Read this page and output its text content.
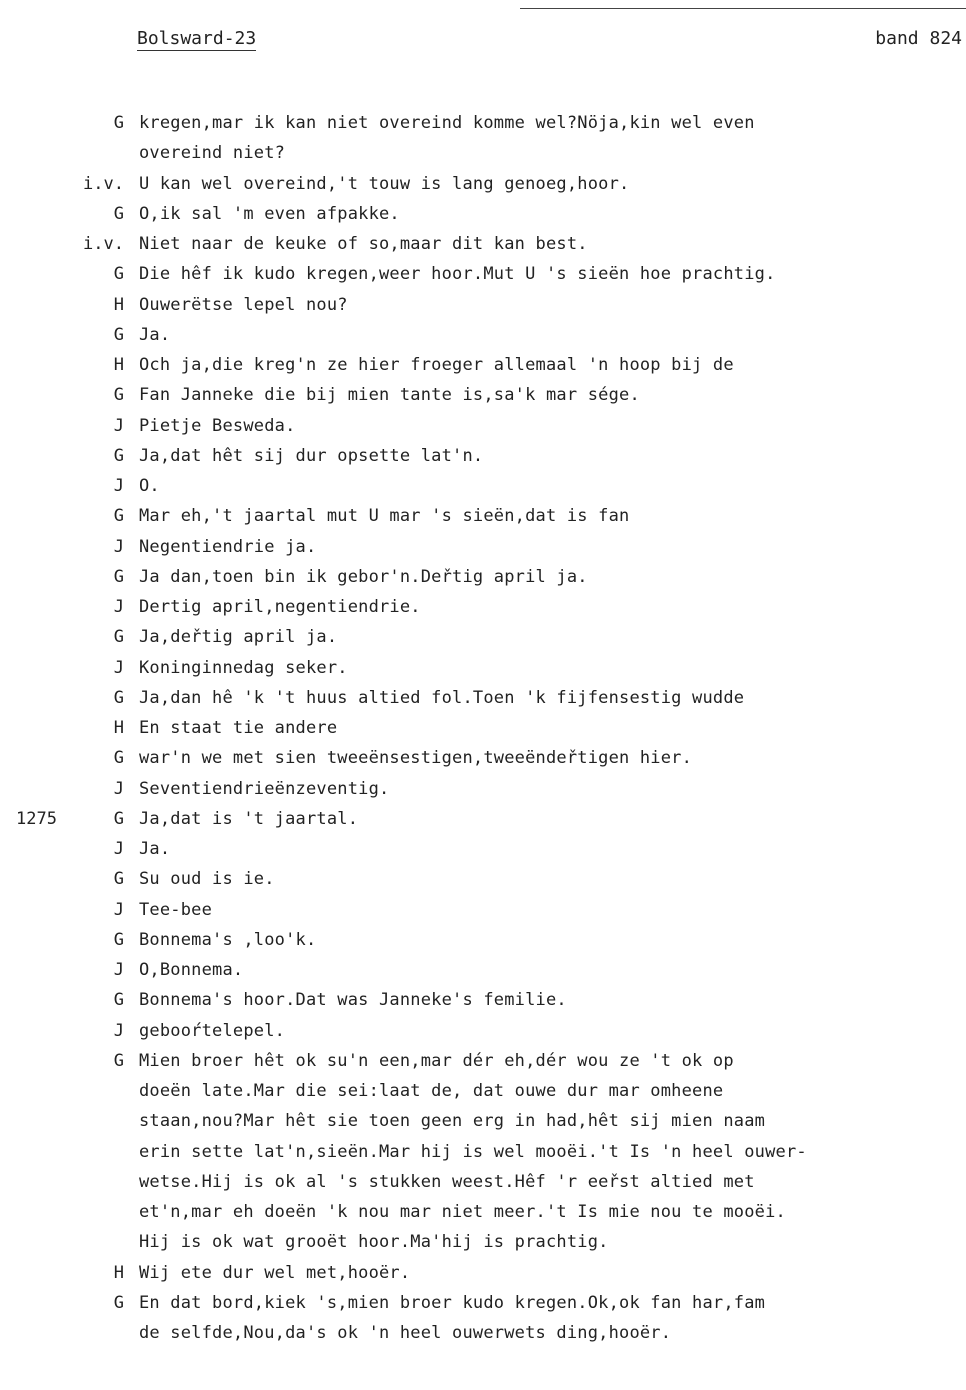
Bolsward-23	band 824
G kregen,mar ik kan niet overeind komme wel?Nöja,kin wel even
overeind niet?
i.v. U kan wel overeind,'t touw is lang genoeg,hoor.
G O,ik sal 'm even afpakke.
i.v. Niet naar de keuke of so,maar dit kan best.
G Die hêf ik kudo kregen,weer hoor.Mut U 's sieën hoe prachtig.
H Ouwerëtse lepel nou?
G Ja.
H Och ja,die kreg'n ze hier froeger allemaal 'n hoop bij de
G Fan Janneke die bij mien tante is,sa'k mar sége.
J Pietje Besweda.
G Ja,dat hêt sij dur opsette lat'n.
J O.
G Mar eh,'t jaartal mut U mar 's sieën,dat is fan
J Negentiendrie ja.
G Ja dan,toen bin ik gebor'n.Deřtig april ja.
J Dertig april,negentiendrie.
G Ja,deřtig april ja.
J Koninginnedag seker.
G Ja,dan hê 'k 't huus altied fol.Toen 'k fijfensestig wudde
H En staat tie andere
G war'n we met sien tweeënsestigen,tweeëndeřtigen hier.
J Seventiendrieënzeventig.
1275	G Ja,dat is 't jaartal.
J Ja.
G Su oud is ie.
J Tee-bee
G Bonnema's ,loo'k.
J O,Bonnema.
G Bonnema's hoor.Dat was Janneke's femilie.
J gebooŕtelepel.
G Mien broer hêt ok su'n een,mar dér eh,dér wou ze 't ok op
doeën late.Mar die sei:laat de, dat ouwe dur mar omheene
staan,nou?Mar hêt sie toen geen erg in had,hêt sij mien naam
erin sette lat'n,sieën.Mar hij is wel mooëi.'t Is 'n heel ouwer-
wetse.Hij is ok al 's stukken weest.Hêf 'r eeřst altied met
et'n,mar eh doeën 'k nou mar niet meer.'t Is mie nou te mooëi.
Hij is ok wat grooët hoor.Ma'hij is prachtig.
H Wij ete dur wel met,hooër.
G En dat bord,kiek 's,mien broer kudo kregen.Ok,ok fan har,fam
de selfde,Nou,da's ok 'n heel ouwerwets ding,hooër.
